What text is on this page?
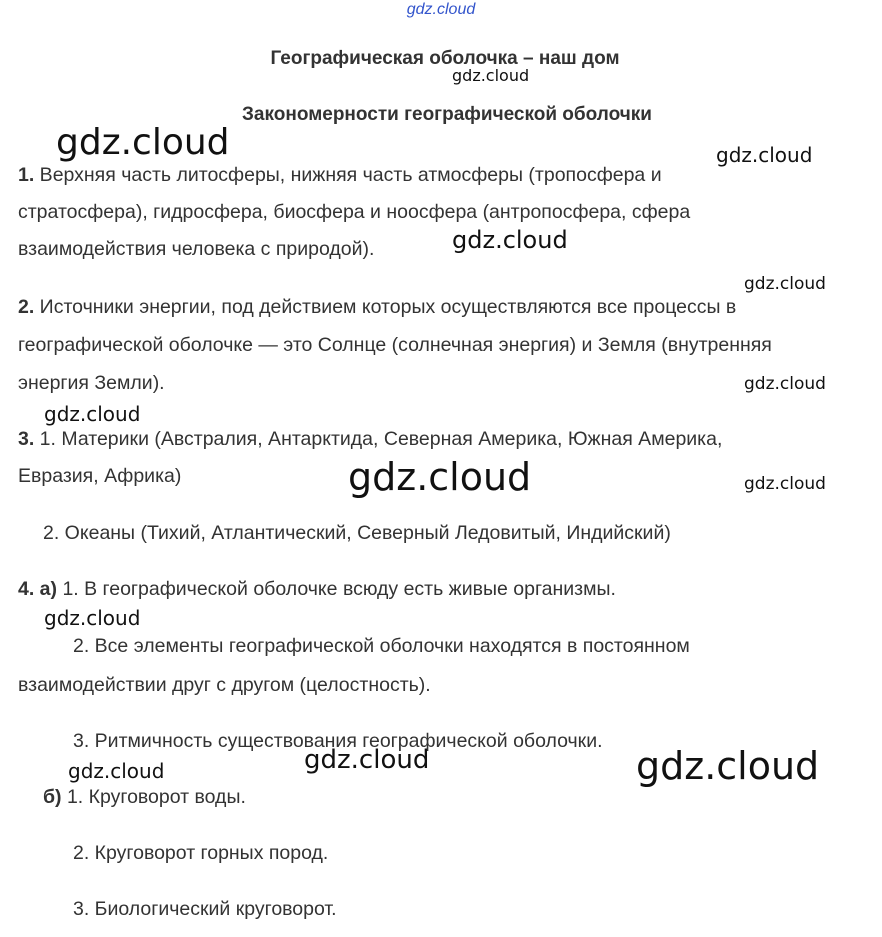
gdz.cloud
Географическая оболочка – наш дом
gdz.cloud
Закономерности географической оболочки
gdz.cloud	gdz.cloud
1. Верхняя часть литосферы, нижняя часть атмосферы (тропосфера и
стратосфера), гидросфера, биосфера и ноосфера (антропосфера, сфера
gdz.cloud
взаимодействия человека с природой).
gdz.cloud
2. Источники энергии, под действием которых осуществляются все процессы в
географической оболочке — это Солнце (солнечная энергия) и Земля (внутренняя
энергия Земли).	gdz.cloud
gdz.cloud
3. 1. Материки (Австралия, Антарктида, Северная Америка, Южная Америка,
Евразия, Африка)	gdz.cloud	gdz.cloud
2. Океаны (Тихий, Атлантический, Северный Ледовитый, Индийский)
4. а) 1. В географической оболочке всюду есть живые организмы.
gdz.cloud
2. Все элементы географической оболочки находятся в постоянном
взаимодействии друг с другом (целостность).
3. Ритмичность существования географической оболочки.
gdz.cloud	gdz.cloud	gdz.cloud
б) 1. Круговорот воды.
2. Круговорот горных пород.
3. Биологический круговорот.
